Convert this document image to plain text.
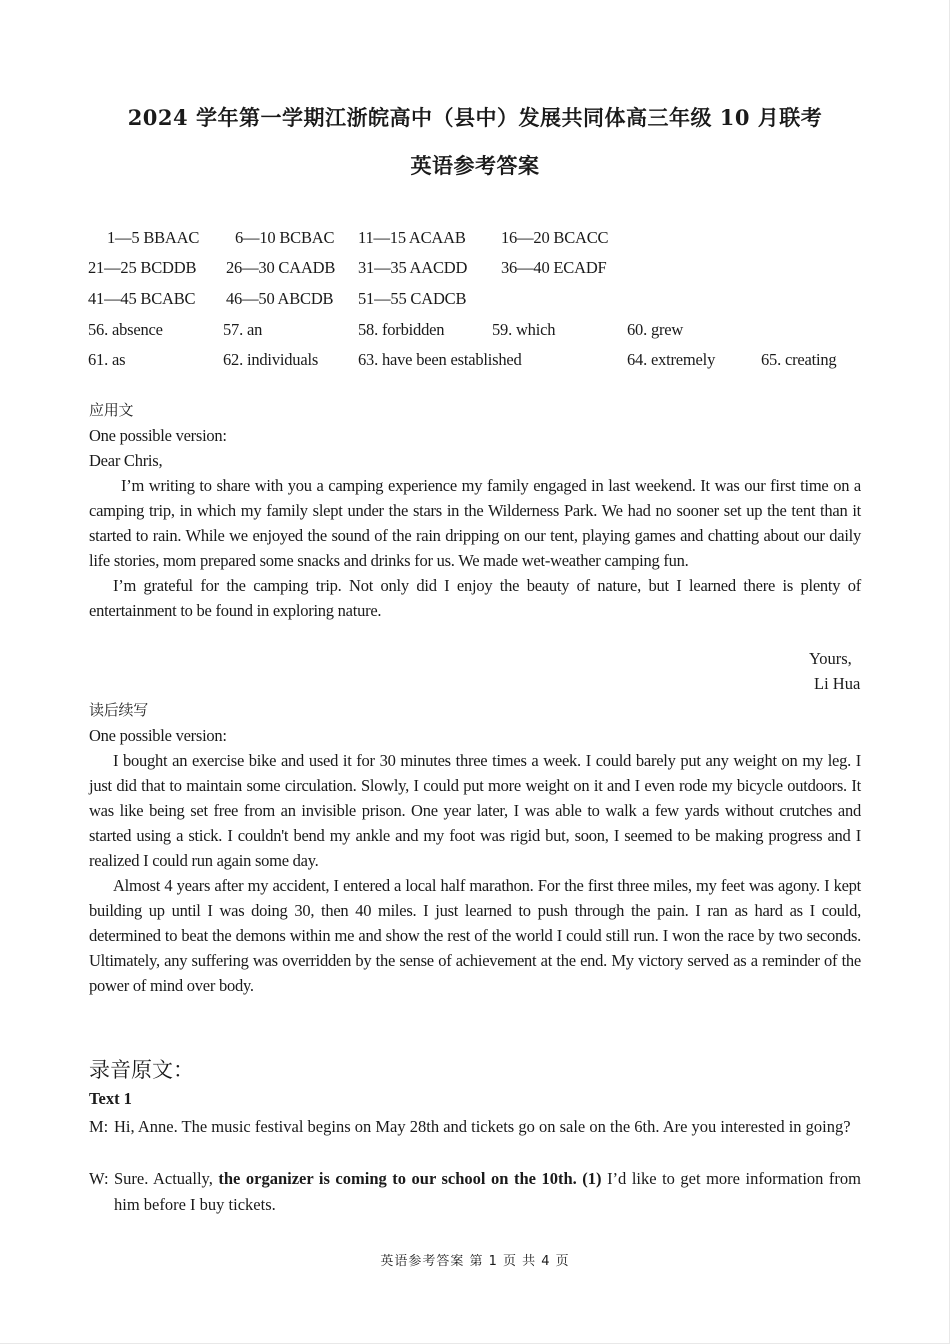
2024 学年第一学期江浙皖高中（县中）发展共同体高三年级 10 月联考
英语参考答案
1—5 BBAAC 6—10 BCBAC 11—15 ACAAB 16—20 BCACC
21—25 BCDDB 26—30 CAADB 31—35 AACDD 36—40 ECADF
41—45 BCABC 46—50 ABCDB 51—55 CADCB
56. absence	57. an	58. forbidden	59. which	60. grew
61. as	62. individuals 63. have been established	64. extremely	65. creating
应用文
One possible version:
Dear Chris,

I’m writing to share with you a camping experience my family engaged in last weekend. It was our first time on a camping trip, in which my family slept under the stars in the Wilderness Park. We had no sooner set up the tent than it started to rain. While we enjoyed the sound of the rain dripping on our tent, playing games and chatting about our daily life stories, mom prepared some snacks and drinks for us. We made wet-weather camping fun.

I’m grateful for the camping trip. Not only did I enjoy the beauty of nature, but I learned there is plenty of entertainment to be found in exploring nature.

Yours,
Li Hua
读后续写
One possible version:

I bought an exercise bike and used it for 30 minutes three times a week. I could barely put any weight on my leg. I just did that to maintain some circulation. Slowly, I could put more weight on it and I even rode my bicycle outdoors. It was like being set free from an invisible prison. One year later, I was able to walk a few yards without crutches and started using a stick. I couldn't bend my ankle and my foot was rigid but, soon, I seemed to be making progress and I realized I could run again some day.

Almost 4 years after my accident, I entered a local half marathon. For the first three miles, my feet was agony. I kept building up until I was doing 30, then 40 miles. I just learned to push through the pain. I ran as hard as I could, determined to beat the demons within me and show the rest of the world I could still run. I won the race by two seconds. Ultimately, any suffering was overridden by the sense of achievement at the end. My victory served as a reminder of the power of mind over body.

录音原文：
Text 1
M: Hi, Anne. The music festival begins on May 28th and tickets go on sale on the 6th. Are you interested in going?
W: Sure. Actually, the organizer is coming to our school on the 10th. (1) I’d like to get more information from him before I buy tickets.
英语参考答案 第 1 页 共 4 页
